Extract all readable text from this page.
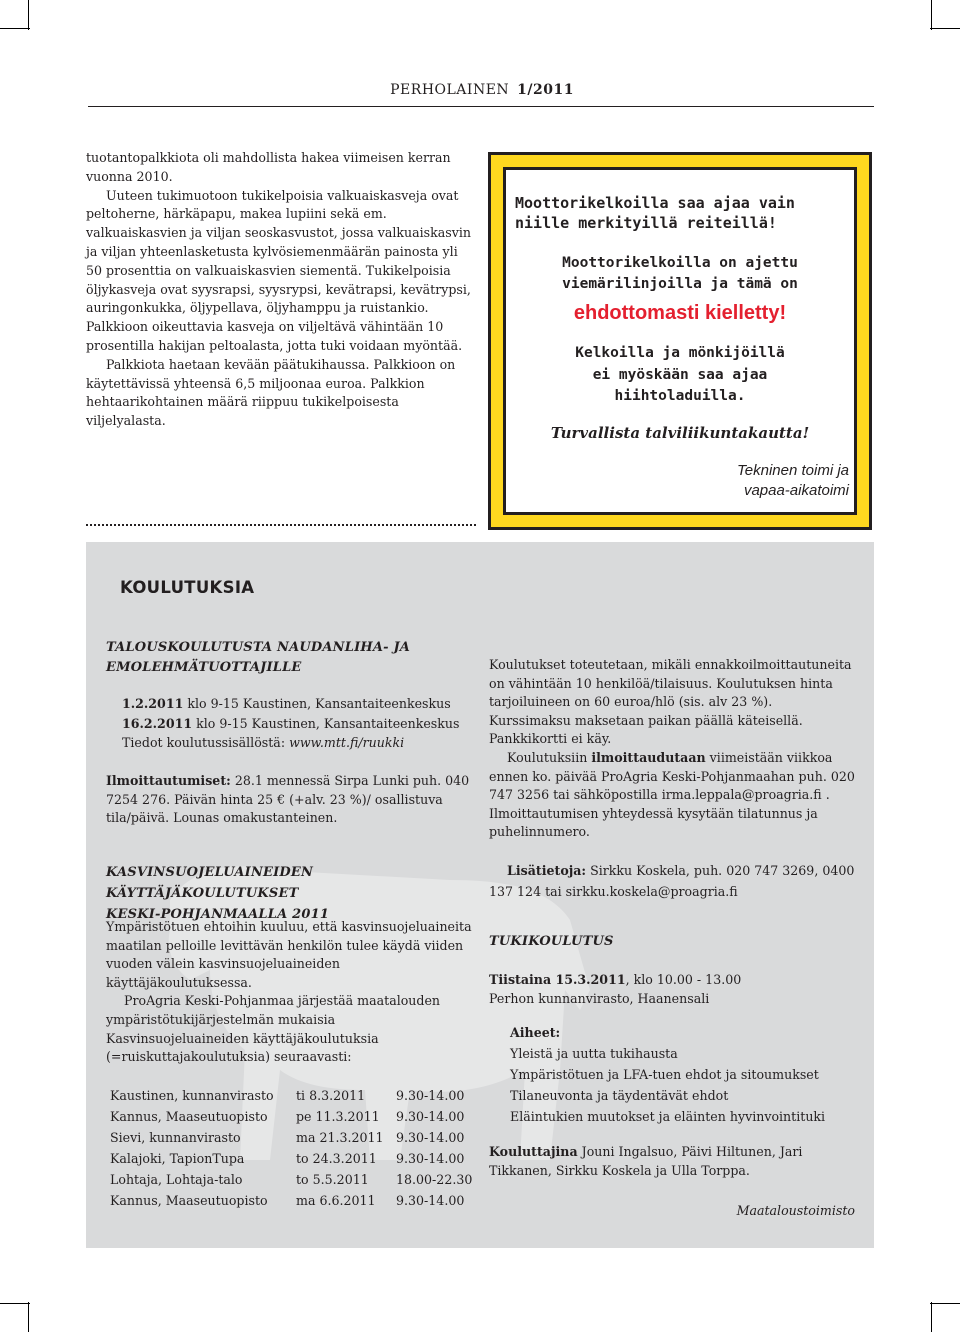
PERHOLAINEN 1/2011

tuotantopalkkiota oli mahdollista hakea viimeisen kerran vuonna 2010.

Uuteen tukimuotoon tukikelpoisia valkuaiskasveja ovat peltoherne, härkäpapu, makea lupiini sekä em. valkuaiskasvien ja viljan seoskasvustot, jossa valkuaiskasvin ja viljan yhteenlasketusta kylvösiemenmäärän painosta yli 50 prosenttia on valkuaiskasvien siementä. Tukikelpoisia öljykasveja ovat syysrapsi, syysrypsi, kevätrapsi, kevätrypsi, auringonkukka, öljypellava, öljyhamppu ja ruistankio. Palkkioon oikeuttavia kasveja on viljeltävä vähintään 10 prosentilla hakijan peltoalasta, jotta tuki voidaan myöntää.

Palkkiota haetaan kevään päätukihaussa. Palkkioon on käytettävissä yhteensä 6,5 miljoonaa euroa. Palkkion hehtaarikohtainen määrä riippuu tukikelpoisesta viljelyalasta.

Moottorikelkoilla saa ajaa vain
niille merkityillä reiteillä!
Moottorikelkoilla on ajettu
viemärilinjoilla ja tämä on
ehdottomasti kielletty!
Kelkoilla ja mönkijöillä
ei myöskään saa ajaa
hiihtoladuilla.
Turvallista talviliikuntakautta!
Tekninen toimi ja
vapaa-aikatoimi
KOULUTUKSIA
TALOUSKOULUTUSTA NAUDANLIHA- JA
EMOLEHMÄTUOTTAJILLE
1.2.2011 klo 9-15 Kaustinen, Kansantaiteenkeskus
16.2.2011 klo 9-15 Kaustinen, Kansantaiteenkeskus
Tiedot koulutussisällöstä: www.mtt.fi/ruukki
Ilmoittautumiset: 28.1 mennessä Sirpa Lunki puh. 040 7254 276. Päivän hinta 25 € (+alv. 23 %)/ osallistuva tila/päivä. Lounas omakustanteinen.

Koulutukset toteutetaan, mikäli ennakkoilmoittautuneita on vähintään 10 henkilöä/tilaisuus. Koulutuksen hinta tarjoiluineen on 60 euroa/hlö (sis. alv 23 %). Kurssimaksu maksetaan paikan päällä käteisellä. Pankkikortti ei käy.

Koulutuksiin ilmoittaudutaan viimeistään viikkoa ennen ko. päivää ProAgria Keski-Pohjanmaahan puh. 020 747 3256 tai sähköpostilla irma.leppala@proagria.fi . Ilmoittautumisen yhteydessä kysytään tilatunnus ja puhelinnumero.

Lisätietoja: Sirkku Koskela, puh. 020 747 3269, 0400 137 124 tai sirkku.koskela@proagria.fi
KASVINSUOJELUAINEIDEN KÄYTTÄJÄKOULUTUKSET
KESKI-POHJANMAALLA 2011

Ympäristötuen ehtoihin kuuluu, että kasvinsuojeluaineita maatilan pelloille levittävän henkilön tulee käydä viiden vuoden välein kasvinsuojeluaineiden käyttäjäkoulutuksessa.

ProAgria Keski-Pohjanmaa järjestää maatalouden ympäristötukijärjestelmän mukaisia Kasvinsuojeluaineiden käyttäjäkoulutuksia (=ruiskuttajakoulutuksia) seuraavasti:

Kaustinen, kunnanvirasto	ti 8.3.2011	9.30-14.00
Kannus, Maaseutuopisto	pe 11.3.2011	9.30-14.00
Sievi, kunnanvirasto	ma 21.3.2011	9.30-14.00
Kalajoki, TapionTupa	to 24.3.2011	9.30-14.00
Lohtaja, Lohtaja-talo	to 5.5.2011	18.00-22.30
Kannus, Maaseutuopisto	ma 6.6.2011	9.30-14.00
TUKIKOULUTUS
Tiistaina 15.3.2011, klo 10.00 - 13.00
Perhon kunnanvirasto, Haanensali
Aiheet:
Yleistä ja uutta tukihausta
Ympäristötuen ja LFA-tuen ehdot ja sitoumukset
Tilaneuvonta ja täydentävät ehdot
Eläintukien muutokset ja eläinten hyvinvointituki
Kouluttajina Jouni Ingalsuo, Päivi Hiltunen, Jari Tikkanen, Sirkku Koskela ja Ulla Torppa.
Maataloustoimisto
